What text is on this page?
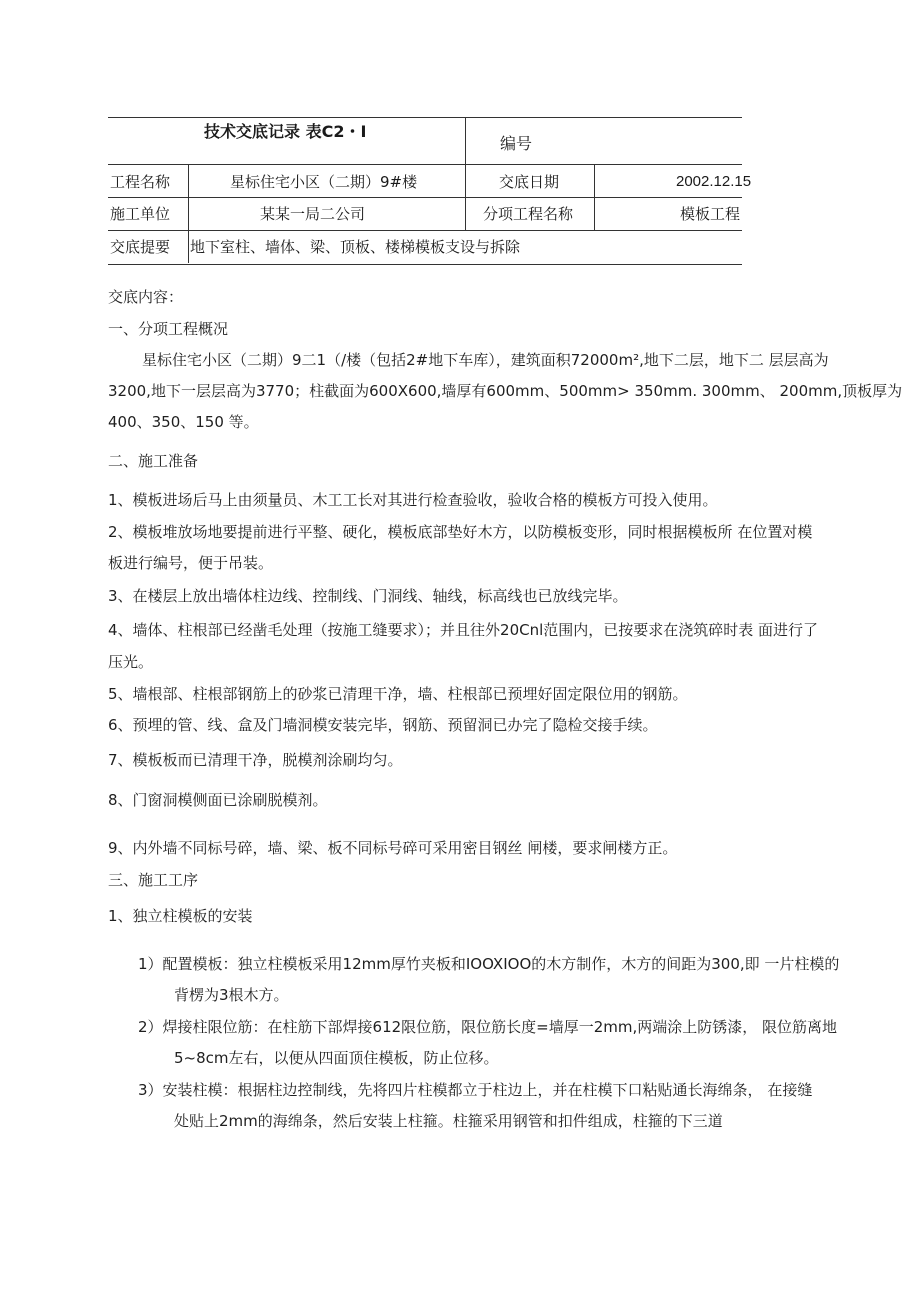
技术交底记录 表C2・I
编号
工程名称	星标住宅小区（二期）9#楼	交底日期	2002.12.15
施工单位	某某一局二公司	分项工程名称	模板工程
交底提要 地下室柱、墙体、梁、顶板、楼梯模板支设与拆除
交底内容：
一、分项工程概况
星标住宅小区（二期）9二1（/楼（包括2#地下车库），建筑面积72000m²,地下二层，地下二 层层高为
3200,地下一层层高为3770；柱截面为600X600,墙厚有600mm、500mm> 350mm. 300mm、 200mm,顶板厚为
400、350、150 等。
二、施工准备
1、模板进场后马上由须量员、木工工长对其进行检查验收，验收合格的模板方可投入使用。
2、模板堆放场地要提前进行平整、硬化，模板底部垫好木方，以防模板变形，同时根据模板所 在位置对模
板进行编号，便于吊装。
3、在楼层上放出墙体柱边线、控制线、门洞线、轴线，标高线也已放线完毕。
4、墙体、柱根部已经凿毛处理（按施工缝要求）；并且往外20Cnl范围内，已按要求在浇筑碎时表 面进行了
压光。
5、墙根部、柱根部钢筋上的砂浆已清理干净，墙、柱根部已预埋好固定限位用的钢筋。
6、预埋的管、线、盒及门墙洞模安装完毕，钢筋、预留洞已办完了隐检交接手续。
7、模板板而已清理干净，脱模剂涂刷均匀。
8、门窗洞模侧面已涂刷脱模剂。
9、内外墙不同标号碎，墙、梁、板不同标号碎可采用密目钢丝 闸楼，要求闸楼方正。
三、施工工序
1、独立柱模板的安装
1）配置模板：独立柱模板采用12mm厚竹夹板和IOOXIOO的木方制作，木方的间距为300,即 一片柱模的
背楞为3根木方。
2）焊接柱限位筋：在柱筋下部焊接612限位筋，限位筋长度=墙厚一2mm,两端涂上防锈漆， 限位筋离地
5~8cm左右，以便从四面顶住模板，防止位移。
3）安装柱模：根据柱边控制线，先将四片柱模都立于柱边上，并在柱模下口粘贴通长海绵条， 在接缝
处贴上2mm的海绵条，然后安装上柱箍。柱箍采用钢管和扣件组成，柱箍的下三道
